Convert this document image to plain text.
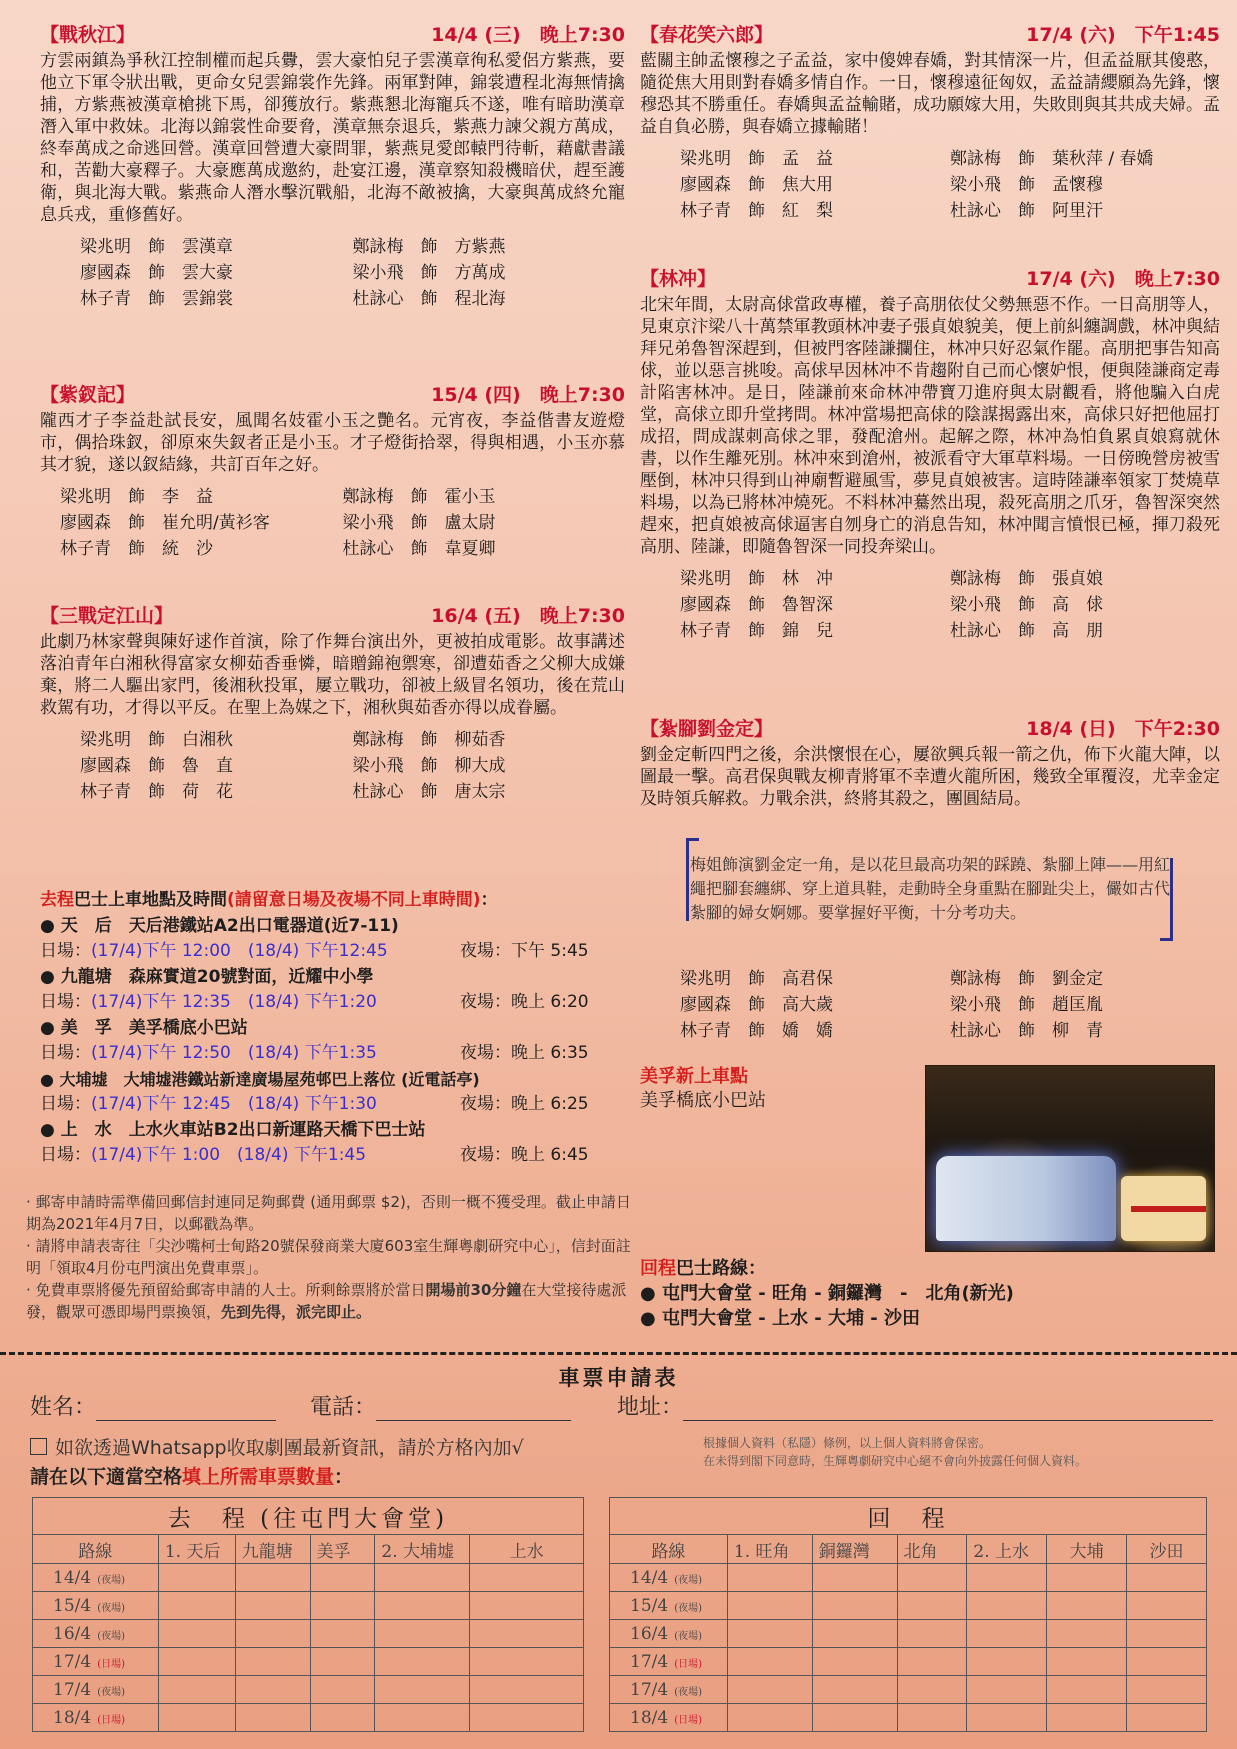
【戰秋江】	14/4 (三)　晚上7:30

方雲兩鎮為爭秋江控制權而起兵釁，雲大豪怕兒子雲漢章徇私愛侶方紫燕，要他立下軍令狀出戰，更命女兒雲錦裳作先鋒。兩軍對陣，錦裳遭程北海無情擒捕，方紫燕被漢章槍挑下馬，卻獲放行。紫燕懇北海寵兵不遂，唯有暗助漢章潛入軍中救妹。北海以錦裳性命要脅，漢章無奈退兵，紫燕力諫父親方萬成，終奉萬成之命逃回營。漢章回營遭大豪問罪，紫燕見愛郎轅門待斬，藉獻書議和，苦勸大豪釋子。大豪應萬成邀約，赴宴江邊，漢章察知殺機暗伏，趕至護衛，與北海大戰。紫燕命人潛水擊沉戰船，北海不敵被擒，大豪與萬成終允寵息兵戎，重修舊好。

梁兆明　飾　雲漢章	鄭詠梅　飾　方紫燕
廖國森　飾　雲大豪	梁小飛　飾　方萬成
林子青　飾　雲錦裳	杜詠心　飾　程北海
【紫釵記】	15/4 (四)　晚上7:30

隴西才子李益赴試長安，風聞名妓霍小玉之艷名。元宵夜，李益偕書友遊燈市，偶拾珠釵，卻原來失釵者正是小玉。才子燈街拾翠，得與相遇，小玉亦慕其才貌，遂以釵結緣，共訂百年之好。

梁兆明　飾　李　益	鄭詠梅　飾　霍小玉
廖國森　飾　崔允明/黃衫客	梁小飛　飾　盧太尉
林子青　飾　統　沙	杜詠心　飾　韋夏卿
【三戰定江山】	16/4 (五)　晚上7:30

此劇乃林家聲與陳好逑作首演，除了作舞台演出外，更被拍成電影。故事講述落泊青年白湘秋得富家女柳茹香垂憐，暗贈錦袍禦寒，卻遭茹香之父柳大成嫌棄，將二人驅出家門，後湘秋投軍，屢立戰功，卻被上級冒名領功，後在荒山救駕有功，才得以平反。在聖上為媒之下，湘秋與茹香亦得以成眷屬。

梁兆明　飾　白湘秋	鄭詠梅　飾　柳茹香
廖國森　飾　魯　直	梁小飛　飾　柳大成
林子青　飾　荷　花	杜詠心　飾　唐太宗
去程巴士上車地點及時間(請留意日場及夜場不同上車時間)：
● 天　后　天后港鐵站A2出口電器道(近7-11)
日場：(17/4)下午 12:00　 (18/4) 下午12:45	夜場：下午 5:45
● 九龍塘　森麻實道20號對面，近耀中小學
日場：(17/4)下午 12:35　 (18/4) 下午1:20	夜場：晚上 6:20
● 美　孚　美孚橋底小巴站
日場：(17/4)下午 12:50　 (18/4) 下午1:35	夜場：晚上 6:35
● 大埔墟　大埔墟港鐵站新達廣場屋苑邨巴上落位 (近電話亭)
日場：(17/4)下午 12:45　 (18/4) 下午1:30	夜場：晚上 6:25
● 上　水　上水火車站B2出口新運路天橋下巴士站
日場：(17/4)下午 1:00　 (18/4) 下午1:45	夜場：晚上 6:45
【春花笑六郎】	17/4 (六)　下午1:45

藍關主帥孟懷穆之子孟益，家中傻婢春嬌，對其情深一片，但孟益厭其傻憨，隨從焦大用則對春嬌多情自作。一日，懷穆遠征匈奴，孟益請纓願為先鋒，懷穆恐其不勝重任。春嬌與孟益輸賭，成功願嫁大用，失敗則與其共成夫婦。孟益自負必勝，與春嬌立據輸賭！

梁兆明　飾　孟　益	鄭詠梅　飾　葉秋萍 / 春嬌
廖國森　飾　焦大用	梁小飛　飾　孟懷穆
林子青　飾　紅　梨	杜詠心　飾　阿里汗
【林冲】	17/4 (六)　晚上7:30

北宋年間，太尉高俅當政專權，養子高朋依仗父勢無惡不作。一日高朋等人，見東京汴梁八十萬禁軍教頭林冲妻子張貞娘貌美，便上前糾纏調戲，林冲與結拜兄弟魯智深趕到，但被門客陸謙攔住，林冲只好忍氣作罷。高朋把事告知高俅，並以惡言挑唆。高俅早因林冲不肯趨附自己而心懷妒恨，便與陸謙商定毒計陷害林冲。是日，陸謙前來命林冲帶寶刀進府與太尉觀看，將他騙入白虎堂，高俅立即升堂拷問。林冲當場把高俅的陰謀揭露出來，高俅只好把他屈打成招，問成謀刺高俅之罪，發配滄州。起解之際，林冲為怕負累貞娘寫就休書，以作生離死別。林冲來到滄州，被派看守大軍草料場。一日傍晚營房被雪壓倒，林冲只得到山神廟暫避風雪，夢見貞娘被害。這時陸謙率領家丁焚燒草料場，以為已將林冲燒死。不料林冲驀然出現，殺死高朋之爪牙，魯智深突然趕來，把貞娘被高俅逼害自刎身亡的消息告知，林冲聞言憤恨已極，揮刀殺死高朋、陸謙，即隨魯智深一同投奔梁山。

梁兆明　飾　林　冲	鄭詠梅　飾　張貞娘
廖國森　飾　魯智深	梁小飛　飾　高　俅
林子青　飾　錦　兒	杜詠心　飾　高　朋
【紮腳劉金定】	18/4 (日)　下午2:30

劉金定斬四門之後，余洪懷恨在心，屢欲興兵報一箭之仇，佈下火龍大陣，以圖最一擊。高君保與戰友柳青將軍不幸遭火龍所困，幾致全軍覆沒，尤幸金定及時領兵解救。力戰余洪，終將其殺之，團圓結局。

梅姐飾演劉金定一角，是以花旦最高功架的踩蹺、紮腳上陣——用紅繩把腳套纏綁、穿上道具鞋，走動時全身重點在腳趾尖上，儼如古代紮腳的婦女婀娜。要掌握好平衡，十分考功夫。
梁兆明　飾　高君保	鄭詠梅　飾　劉金定
廖國森　飾　高大歲	梁小飛　飾　趙匡胤
林子青　飾　嬌　嬌	杜詠心　飾　柳　青
美孚新上車點
美孚橋底小巴站
回程巴士路線：
● 屯門大會堂 - 旺角 - 銅鑼灣　-　北角(新光)
● 屯門大會堂 - 上水 - 大埔 - 沙田

· 郵寄申請時需準備回郵信封連同足夠郵費 (通用郵票 $2)，否則一概不獲受理。截止申請日期為2021年4月7日，以郵戳為準。

· 請將申請表寄往「尖沙嘴柯士甸路20號保發商業大廈603室生輝粵劇研究中心」，信封面註明「領取4月份屯門演出免費車票」。

· 免費車票將優先預留給郵寄申請的人士。所剩餘票將於當日開場前30分鐘在大堂接待處派發，觀眾可憑即場門票換領，先到先得，派完即止。

車票申請表
姓名：	電話：	地址：
如欲透過Whatsapp收取劇團最新資訊，請於方格內加√	根據個人資料（私隱）條例，以上個人資料將會保密。
在未得到閣下同意時，生輝粵劇研究中心絕不會向外披露任何個人資料。
請在以下適當空格填上所需車票數量：
去　程 (往屯門大會堂)					
路線	1. 天后	九龍塘	美孚	2. 大埔墟	上水
14/4 (夜場)					
15/4 (夜場)					
16/4 (夜場)					
17/4 (日場)					
17/4 (夜場)					
18/4 (日場)					
回　程						
路線	1. 旺角	銅鑼灣	北角	2. 上水	大埔	沙田
14/4 (夜場)						
15/4 (夜場)						
16/4 (夜場)						
17/4 (日場)						
17/4 (夜場)						
18/4 (日場)						
